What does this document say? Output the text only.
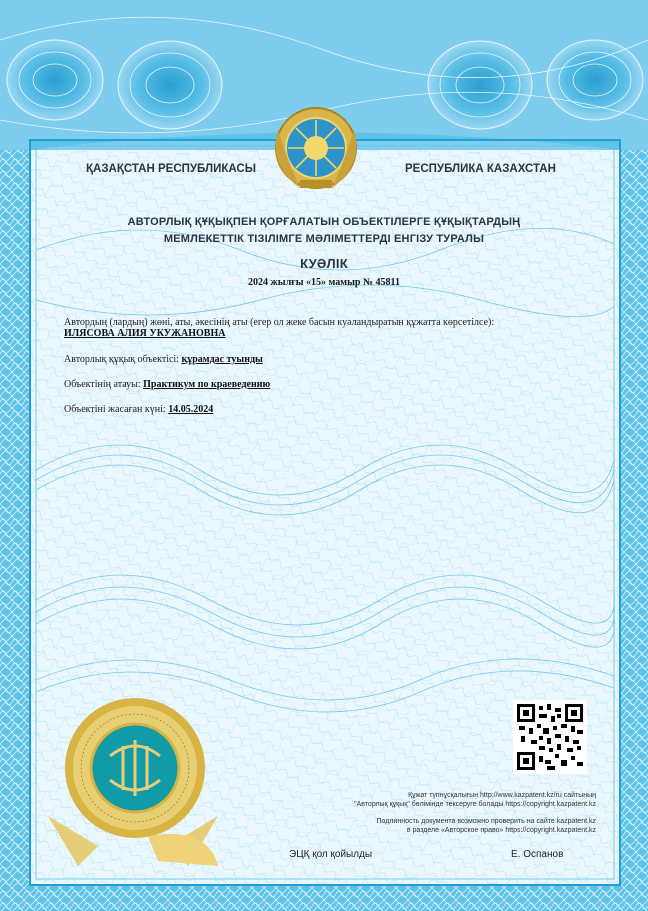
ҚАЗАҚСТАН РЕСПУБЛИКАСЫ	РЕСПУБЛИКА КАЗАХСТАН
АВТОРЛЫҚ ҚҰҚЫҚПЕН ҚОРҒАЛАТЫН ОБЪЕКТІЛЕРГЕ ҚҰҚЫҚТАРДЫҢ
МЕМЛЕКЕТТІК ТІЗІЛІМГЕ МӘЛІМЕТТЕРДІ ЕНГІЗУ ТУРАЛЫ
КУӘЛІК
2024 жылғы «15» мамыр № 45811
Автордың (лардың) жөні, аты, әкесінің аты (егер ол жеке басын куәландыратын құжатта көрсетілсе):
ИЛЯСОВА АЛИЯ УКУЖАНОВНА
Авторлық құқық объектісі: құрамдас туынды
Объектінің атауы: Практикум по краеведению
Объектіні жасаған күні: 14.05.2024
Құжат түпнұсқалығын http://www.kazpatent.kz/ru сайтының
"Авторлық құқық" бөлімінде тексеруге болады https://copyright.kazpatent.kz
Подлинность документа возможно проверить на сайте kazpatent.kz
в разделе «Авторское право» https://copyright.kazpatent.kz
ЭЦҚ қол қойылды	Е. Оспанов
